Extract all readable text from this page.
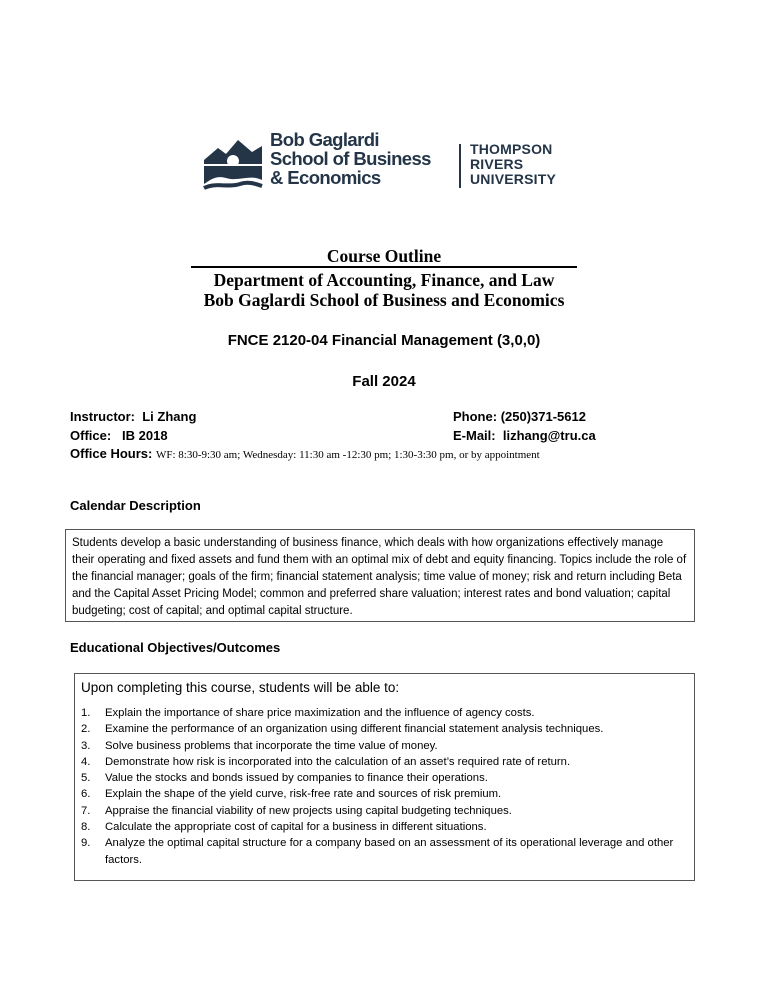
Bob Gaglardi
School of Business
& Economics
THOMPSON
RIVERS
UNIVERSITY
Course Outline
Department of Accounting, Finance, and Law
Bob Gaglardi School of Business and Economics
FNCE 2120-04 Financial Management (3,0,0)
Fall 2024
Instructor: Li Zhang
Office: IB 2018
Phone: (250)371-5612
E-Mail: lizhang@tru.ca
Office Hours: WF: 8:30-9:30 am; Wednesday: 11:30 am -12:30 pm; 1:30-3:30 pm, or by appointment
Calendar Description
Students develop a basic understanding of business finance, which deals with how organizations effectively manage their operating and fixed assets and fund them with an optimal mix of debt and equity financing. Topics include the role of the financial manager; goals of the firm; financial statement analysis; time value of money; risk and return including Beta and the Capital Asset Pricing Model; common and preferred share valuation; interest rates and bond valuation; capital budgeting; cost of capital; and optimal capital structure.
Educational Objectives/Outcomes
Upon completing this course, students will be able to:
1.	Explain the importance of share price maximization and the influence of agency costs.
2.	Examine the performance of an organization using different financial statement analysis techniques.
3.	Solve business problems that incorporate the time value of money.
4.	Demonstrate how risk is incorporated into the calculation of an asset’s required rate of return.
5.	Value the stocks and bonds issued by companies to finance their operations.
6.	Explain the shape of the yield curve, risk-free rate and sources of risk premium.
7.	Appraise the financial viability of new projects using capital budgeting techniques.
8.	Calculate the appropriate cost of capital for a business in different situations.
9.	Analyze the optimal capital structure for a company based on an assessment of its operational leverage and other factors.
